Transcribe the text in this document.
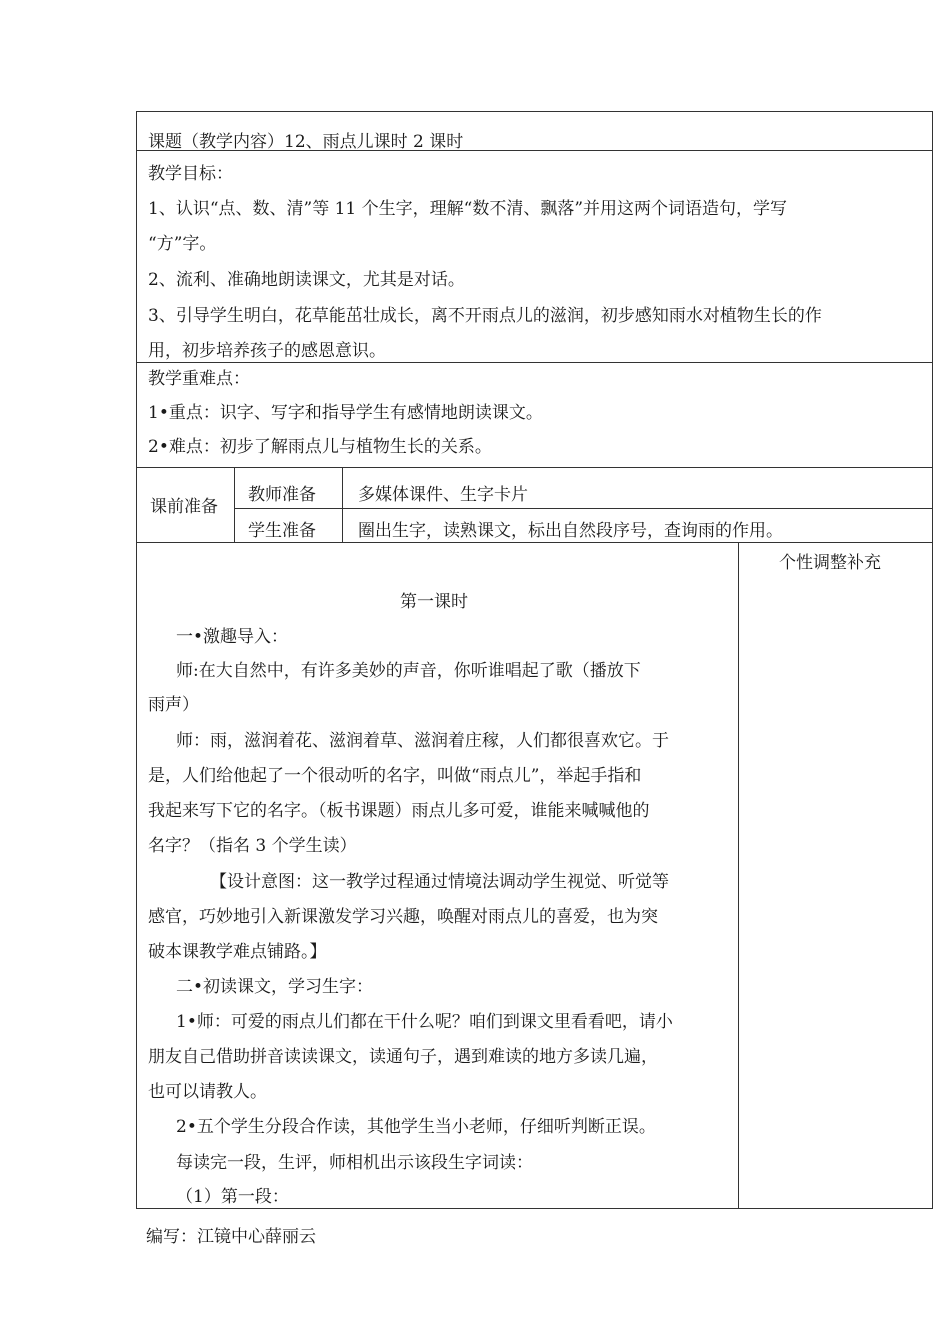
课题（教学内容）12、雨点儿课时 2 课时
教学目标：
1、认识“点、数、清”等 11 个生字，理解“数不清、飘落”并用这两个词语造句，学写
“方”字。
2、流利、准确地朗读课文，尤其是对话。
3、引导学生明白，花草能茁壮成长，离不开雨点儿的滋润，初步感知雨水对植物生长的作
用，初步培养孩子的感恩意识。
教学重难点：
1•重点：识字、写字和指导学生有感情地朗读课文。
2•难点：初步了解雨点儿与植物生长的关系。
课前准备
教师准备 多媒体课件、生字卡片
学生准备 圈出生字，读熟课文，标出自然段序号，查询雨的作用。
个性调整补充
第一课时
一•激趣导入：
师:在大自然中，有许多美妙的声音，你听谁唱起了歌（播放下
雨声）
师：雨，滋润着花、滋润着草、滋润着庄稼，人们都很喜欢它。于
是，人们给他起了一个很动听的名字，叫做“雨点儿”，举起手指和
我起来写下它的名字。（板书课题）雨点儿多可爱，谁能来喊喊他的
名字？（指名 3 个学生读）
【设计意图：这一教学过程通过情境法调动学生视觉、听觉等
感官，巧妙地引入新课激发学习兴趣，唤醒对雨点儿的喜爱，也为突
破本课教学难点铺路。】
二•初读课文，学习生字：
1•师：可爱的雨点儿们都在干什么呢？咱们到课文里看看吧，请小
朋友自己借助拼音读读课文，读通句子，遇到难读的地方多读几遍，
也可以请教人。
2•五个学生分段合作读，其他学生当小老师，仔细听判断正误。
每读完一段，生评，师相机出示该段生字词读：
（1）第一段：
编写：江镜中心薛丽云
